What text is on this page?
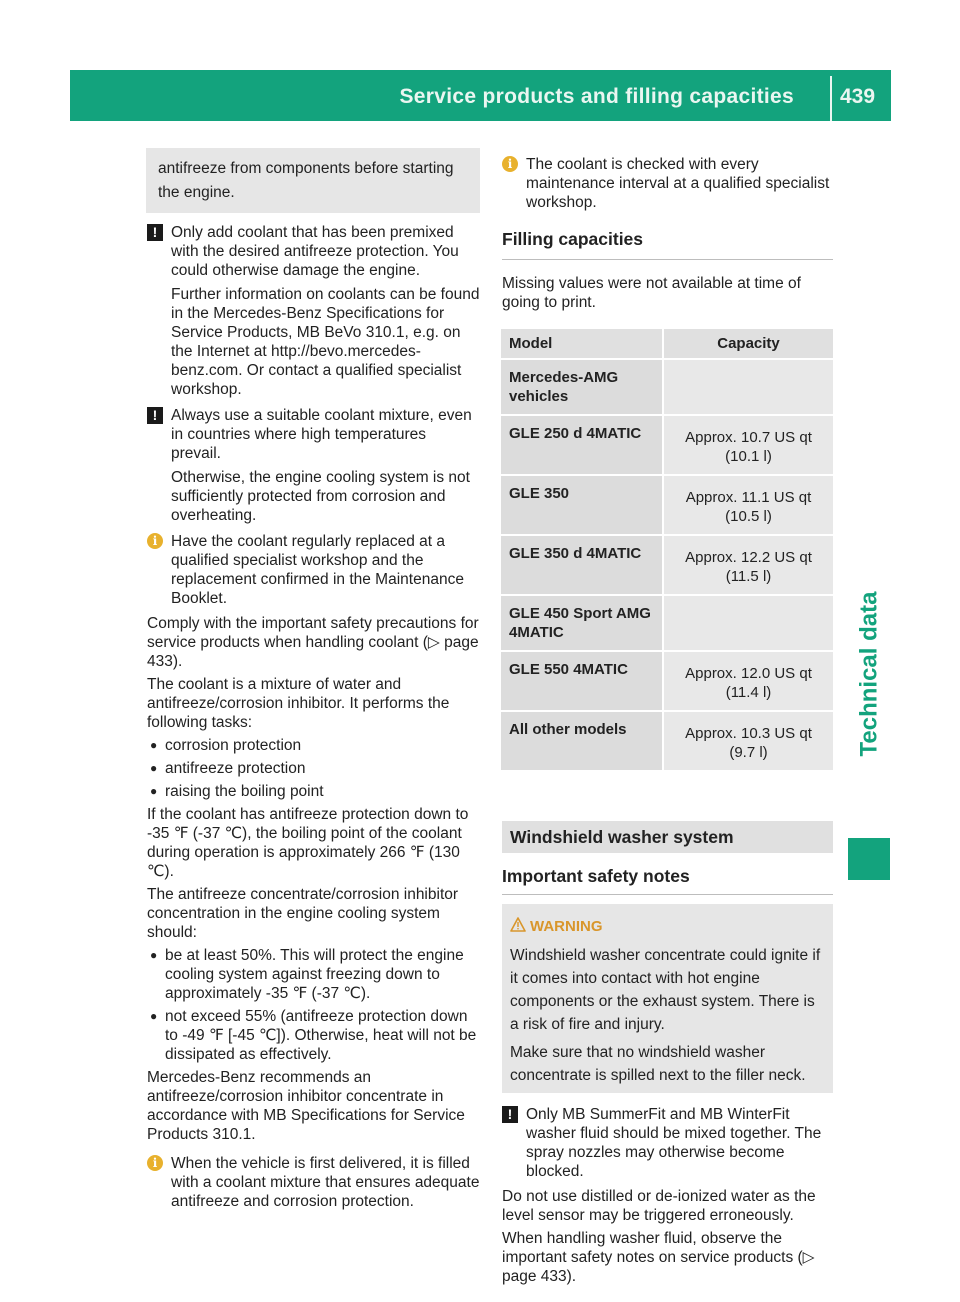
Service products and filling capacities	439
Technical data
antifreeze from components before starting the engine.
! Only add coolant that has been premixed with the desired antifreeze protection. You could otherwise damage the engine.
Further information on coolants can be found in the Mercedes-Benz Specifications for Service Products, MB BeVo 310.1, e.g. on the Internet at http://bevo.mercedes-benz.com. Or contact a qualified specialist workshop.
! Always use a suitable coolant mixture, even in countries where high temperatures prevail.
Otherwise, the engine cooling system is not sufficiently protected from corrosion and overheating.
i Have the coolant regularly replaced at a qualified specialist workshop and the replacement confirmed in the Maintenance Booklet.
Comply with the important safety precautions for service products when handling coolant (▷ page 433).
The coolant is a mixture of water and antifreeze/corrosion inhibitor. It performs the following tasks:
● corrosion protection
● antifreeze protection
● raising the boiling point
If the coolant has antifreeze protection down to -35 ℉ (-37 ℃), the boiling point of the coolant during operation is approximately 266 ℉ (130 ℃).
The antifreeze concentrate/corrosion inhibitor concentration in the engine cooling system should:
● be at least 50%. This will protect the engine cooling system against freezing down to approximately -35 ℉ (-37 ℃).
● not exceed 55% (antifreeze protection down to -49 ℉ [-45 ℃]). Otherwise, heat will not be dissipated as effectively.
Mercedes-Benz recommends an antifreeze/corrosion inhibitor concentrate in accordance with MB Specifications for Service Products 310.1.
i When the vehicle is first delivered, it is filled with a coolant mixture that ensures adequate antifreeze and corrosion protection.
i The coolant is checked with every maintenance interval at a qualified specialist workshop.
Filling capacities
Missing values were not available at time of going to print.
Model	Capacity
Mercedes-AMG vehicles	
GLE 250 d 4MATIC	Approx. 10.7 US qt (10.1 l)
GLE 350	Approx. 11.1 US qt (10.5 l)
GLE 350 d 4MATIC	Approx. 12.2 US qt (11.5 l)
GLE 450 Sport AMG 4MATIC	
GLE 550 4MATIC	Approx. 12.0 US qt (11.4 l)
All other models	Approx. 10.3 US qt (9.7 l)
Windshield washer system
Important safety notes
WARNING
Windshield washer concentrate could ignite if it comes into contact with hot engine components or the exhaust system. There is a risk of fire and injury.
Make sure that no windshield washer concentrate is spilled next to the filler neck.
! Only MB SummerFit and MB WinterFit washer fluid should be mixed together. The spray nozzles may otherwise become blocked.
Do not use distilled or de-ionized water as the level sensor may be triggered erroneously.
When handling washer fluid, observe the important safety notes on service products (▷ page 433).
